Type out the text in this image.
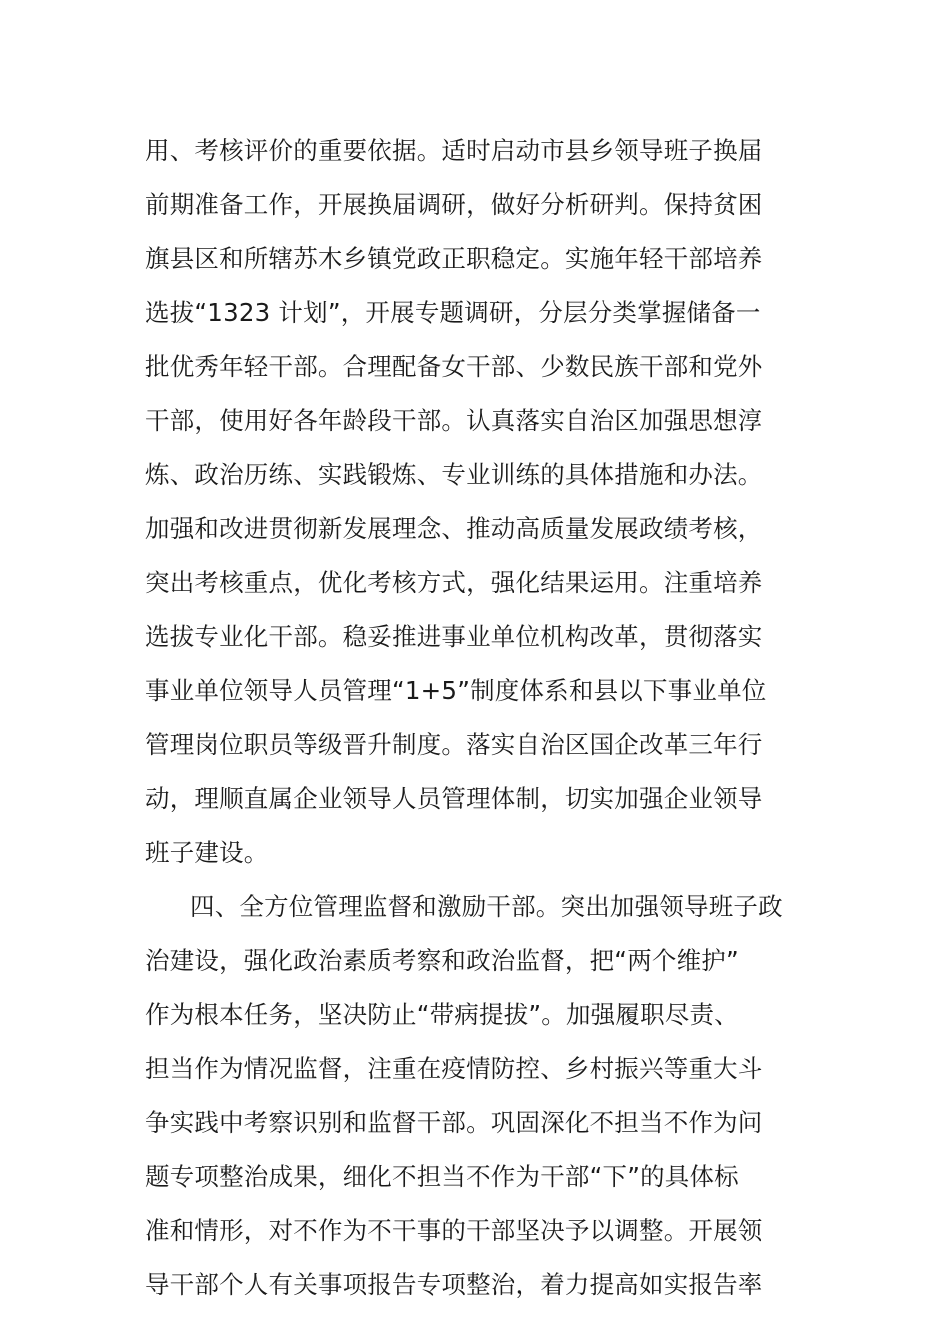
用、考核评价的重要依据。适时启动市县乡领导班子换届
前期准备工作，开展换届调研，做好分析研判。保持贫困
旗县区和所辖苏木乡镇党政正职稳定。实施年轻干部培养
选拔“1323 计划”，开展专题调研，分层分类掌握储备一
批优秀年轻干部。合理配备女干部、少数民族干部和党外
干部，使用好各年龄段干部。认真落实自治区加强思想淳
炼、政治历练、实践锻炼、专业训练的具体措施和办法。
加强和改进贯彻新发展理念、推动高质量发展政绩考核，
突出考核重点，优化考核方式，强化结果运用。注重培养
选拔专业化干部。稳妥推进事业单位机构改革，贯彻落实
事业单位领导人员管理“1+5”制度体系和县以下事业单位
管理岗位职员等级晋升制度。落实自治区国企改革三年行
动，理顺直属企业领导人员管理体制，切实加强企业领导
班子建设。
四、全方位管理监督和激励干部。突出加强领导班子政
治建设，强化政治素质考察和政治监督，把“两个维护”
作为根本任务，坚决防止“带病提拔”。加强履职尽责、
担当作为情况监督，注重在疫情防控、乡村振兴等重大斗
争实践中考察识别和监督干部。巩固深化不担当不作为问
题专项整治成果，细化不担当不作为干部“下”的具体标
准和情形，对不作为不干事的干部坚决予以调整。开展领
导干部个人有关事项报告专项整治，着力提高如实报告率
